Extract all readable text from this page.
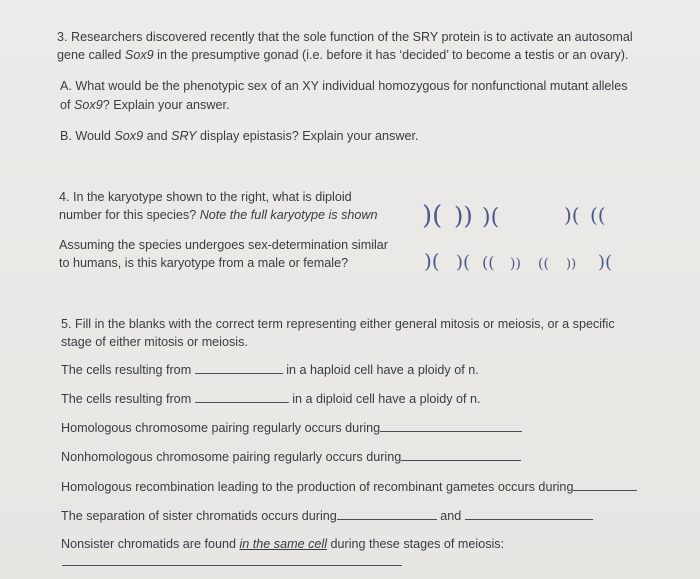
3. Researchers discovered recently that the sole function of the SRY protein is to activate an autosomal
gene called Sox9 in the presumptive gonad (i.e. before it has ‘decided’ to become a testis or an ovary).
A. What would be the phenotypic sex of an XY individual homozygous for nonfunctional mutant alleles
of Sox9? Explain your answer.
B. Would Sox9 and SRY display epistasis? Explain your answer.
4. In the karyotype shown to the right, what is diploid
number for this species? Note the full karyotype is shown
Assuming the species undergoes sex-determination similar
to humans, is this karyotype from a male or female?
)( )) )(	)( ((
)( )( (( )) (( )) )(
5. Fill in the blanks with the correct term representing either general mitosis or meiosis, or a specific
stage of either mitosis or meiosis.
The cells resulting from	in a haploid cell have a ploidy of n.
The cells resulting from	in a diploid cell have a ploidy of n.
Homologous chromosome pairing regularly occurs during
Nonhomologous chromosome pairing regularly occurs during
Homologous recombination leading to the production of recombinant gametes occurs during
The separation of sister chromatids occurs during	and
Nonsister chromatids are found in the same cell during these stages of meiosis:
